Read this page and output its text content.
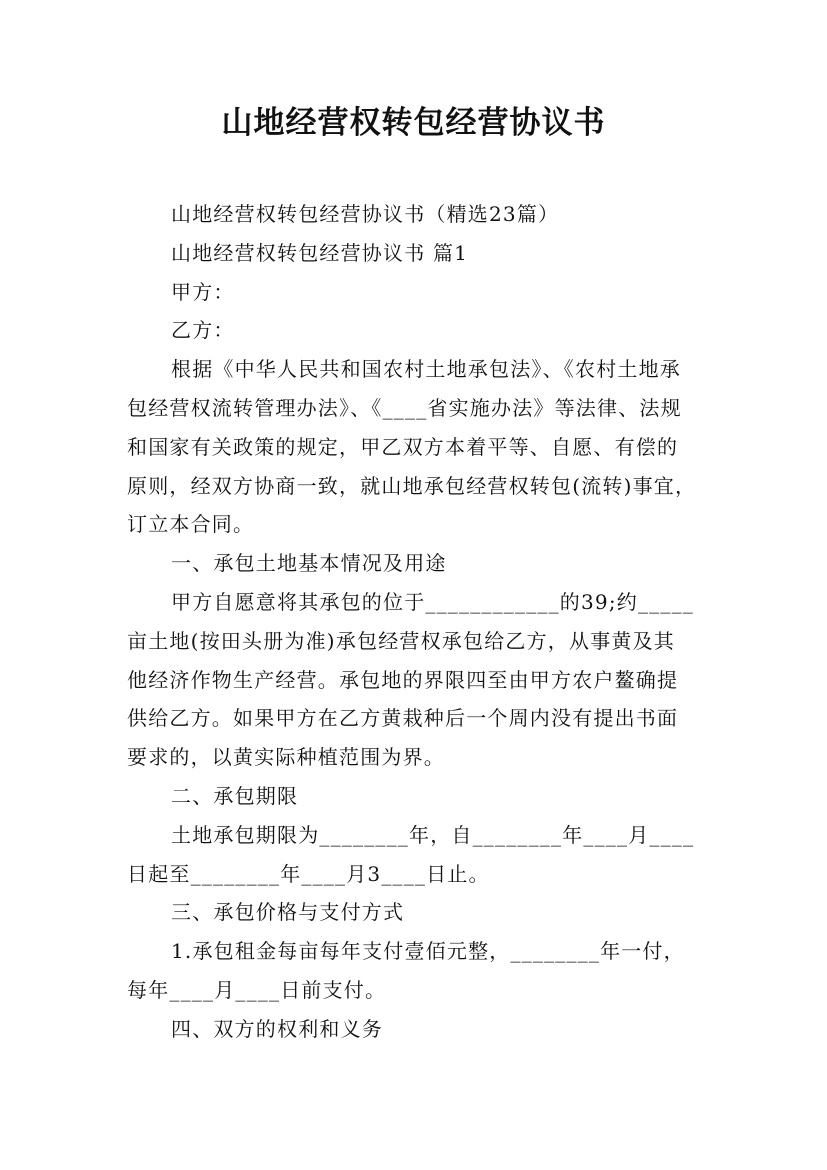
山地经营权转包经营协议书
山地经营权转包经营协议书（精选23篇）
山地经营权转包经营协议书 篇1
甲方：
乙方：
根据《中华人民共和国农村土地承包法》、《农村土地承
包经营权流转管理办法》、《____省实施办法》等法律、法规
和国家有关政策的规定，甲乙双方本着平等、自愿、有偿的
原则，经双方协商一致，就山地承包经营权转包(流转)事宜，
订立本合同。
一、承包土地基本情况及用途
甲方自愿意将其承包的位于____________的39;约_____
亩土地(按田头册为准)承包经营权承包给乙方，从事黄及其
他经济作物生产经营。承包地的界限四至由甲方农户鳌确提
供给乙方。如果甲方在乙方黄栽种后一个周内没有提出书面
要求的，以黄实际种植范围为界。
二、承包期限
土地承包期限为________年，自________年____月____
日起至________年____月3____日止。
三、承包价格与支付方式
1.承包租金每亩每年支付壹佰元整，________年一付，
每年____月____日前支付。
四、双方的权利和义务
